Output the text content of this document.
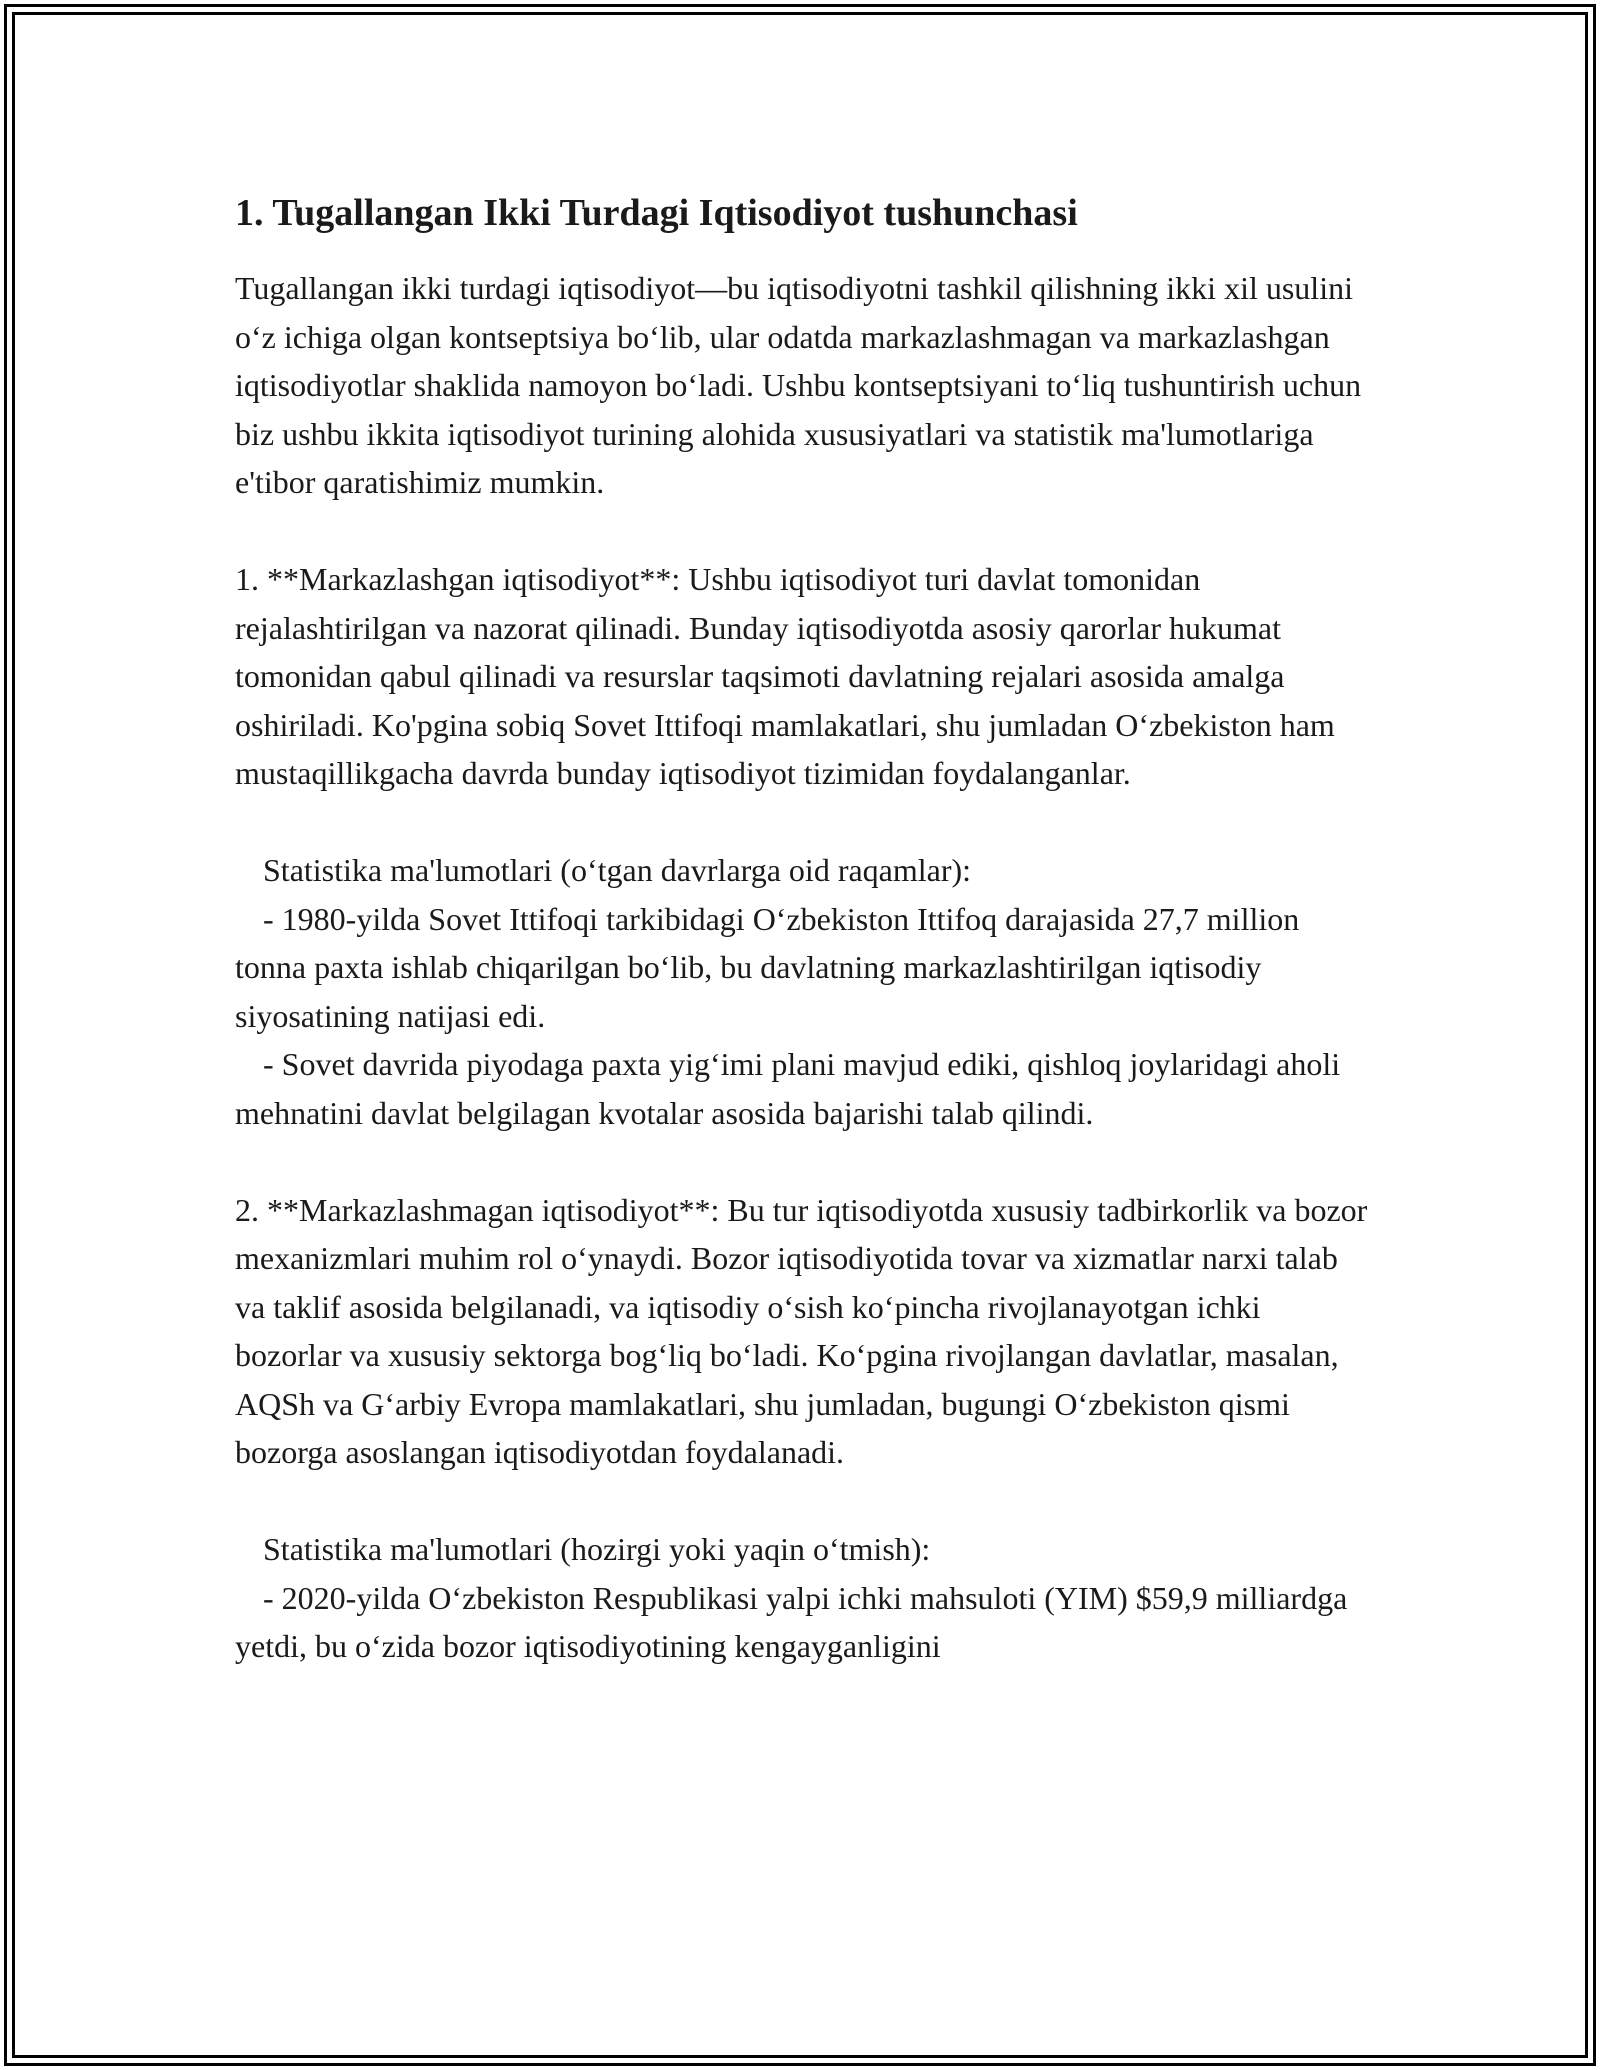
1. Tugallangan Ikki Turdagi Iqtisodiyot tushunchasi

Tugallangan ikki turdagi iqtisodiyot—bu iqtisodiyotni tashkil qilishning ikki xil usulini o‘z ichiga olgan kontseptsiya bo‘lib, ular odatda markazlashmagan va markazlashgan iqtisodiyotlar shaklida namoyon bo‘ladi. Ushbu kontseptsiyani to‘liq tushuntirish uchun biz ushbu ikkita iqtisodiyot turining alohida xususiyatlari va statistik ma'lumotlariga e'tibor qaratishimiz mumkin.

1. **Markazlashgan iqtisodiyot**: Ushbu iqtisodiyot turi davlat tomonidan rejalashtirilgan va nazorat qilinadi. Bunday iqtisodiyotda asosiy qarorlar hukumat tomonidan qabul qilinadi va resurslar taqsimoti davlatning rejalari asosida amalga oshiriladi. Ko'pgina sobiq Sovet Ittifoqi mamlakatlari, shu jumladan O‘zbekiston ham mustaqillikgacha davrda bunday iqtisodiyot tizimidan foydalanganlar.

Statistika ma'lumotlari (o‘tgan davrlarga oid raqamlar):

- 1980-yilda Sovet Ittifoqi tarkibidagi O‘zbekiston Ittifoq darajasida 27,7 million tonna paxta ishlab chiqarilgan bo‘lib, bu davlatning markazlashtirilgan iqtisodiy siyosatining natijasi edi.

- Sovet davrida piyodaga paxta yig‘imi plani mavjud ediki, qishloq joylaridagi aholi mehnatini davlat belgilagan kvotalar asosida bajarishi talab qilindi.

2. **Markazlashmagan iqtisodiyot**: Bu tur iqtisodiyotda xususiy tadbirkorlik va bozor mexanizmlari muhim rol o‘ynaydi. Bozor iqtisodiyotida tovar va xizmatlar narxi talab va taklif asosida belgilanadi, va iqtisodiy o‘sish ko‘pincha rivojlanayotgan ichki bozorlar va xususiy sektorga bog‘liq bo‘ladi. Ko‘pgina rivojlangan davlatlar, masalan, AQSh va G‘arbiy Evropa mamlakatlari, shu jumladan, bugungi O‘zbekiston qismi bozorga asoslangan iqtisodiyotdan foydalanadi.

Statistika ma'lumotlari (hozirgi yoki yaqin o‘tmish):

- 2020-yilda O‘zbekiston Respublikasi yalpi ichki mahsuloti (YIM) $59,9 milliardga yetdi, bu o‘zida bozor iqtisodiyotining kengayganligini
